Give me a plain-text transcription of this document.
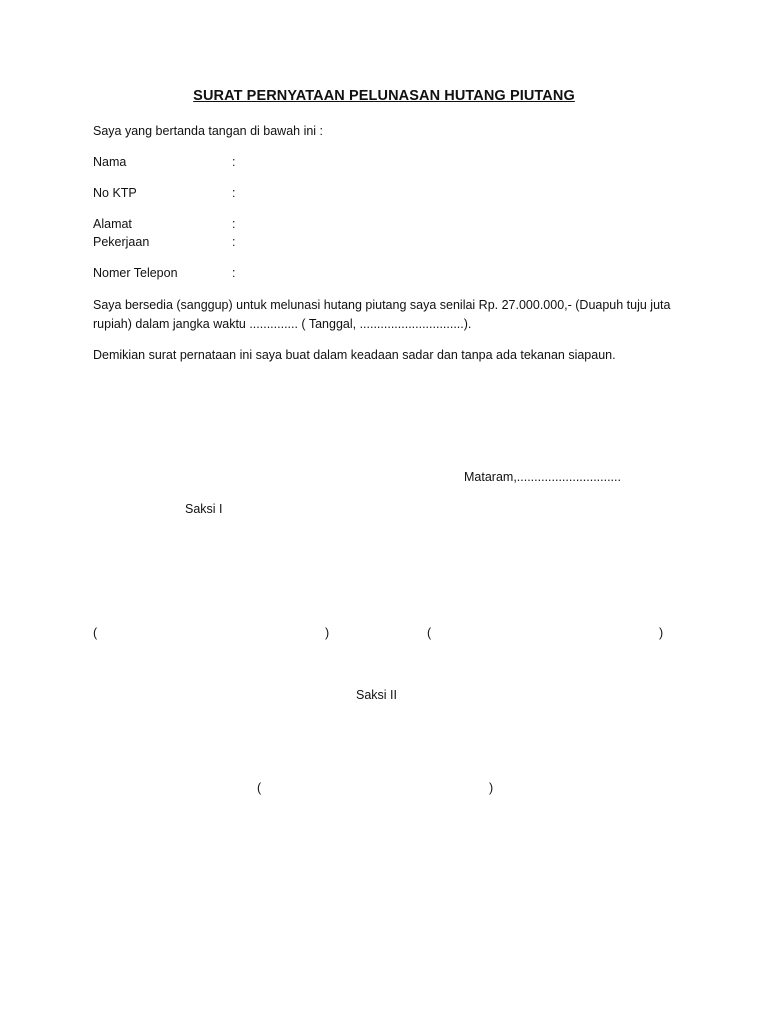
SURAT PERNYATAAN PELUNASAN HUTANG PIUTANG
Saya yang bertanda tangan di bawah ini :
Nama	:
No KTP	:
Alamat	:
Pekerjaan	:
Nomer Telepon	:
Saya bersedia (sanggup) untuk melunasi hutang piutang saya senilai Rp. 27.000.000,- (Duapuh tuju juta rupiah) dalam jangka waktu .............. ( Tanggal, ..............................).
Demikian surat pernataan ini saya buat dalam keadaan sadar dan tanpa ada tekanan siapaun.
Mataram,..............................
Saksi I
(	)	(	)
Saksi II
(	)
